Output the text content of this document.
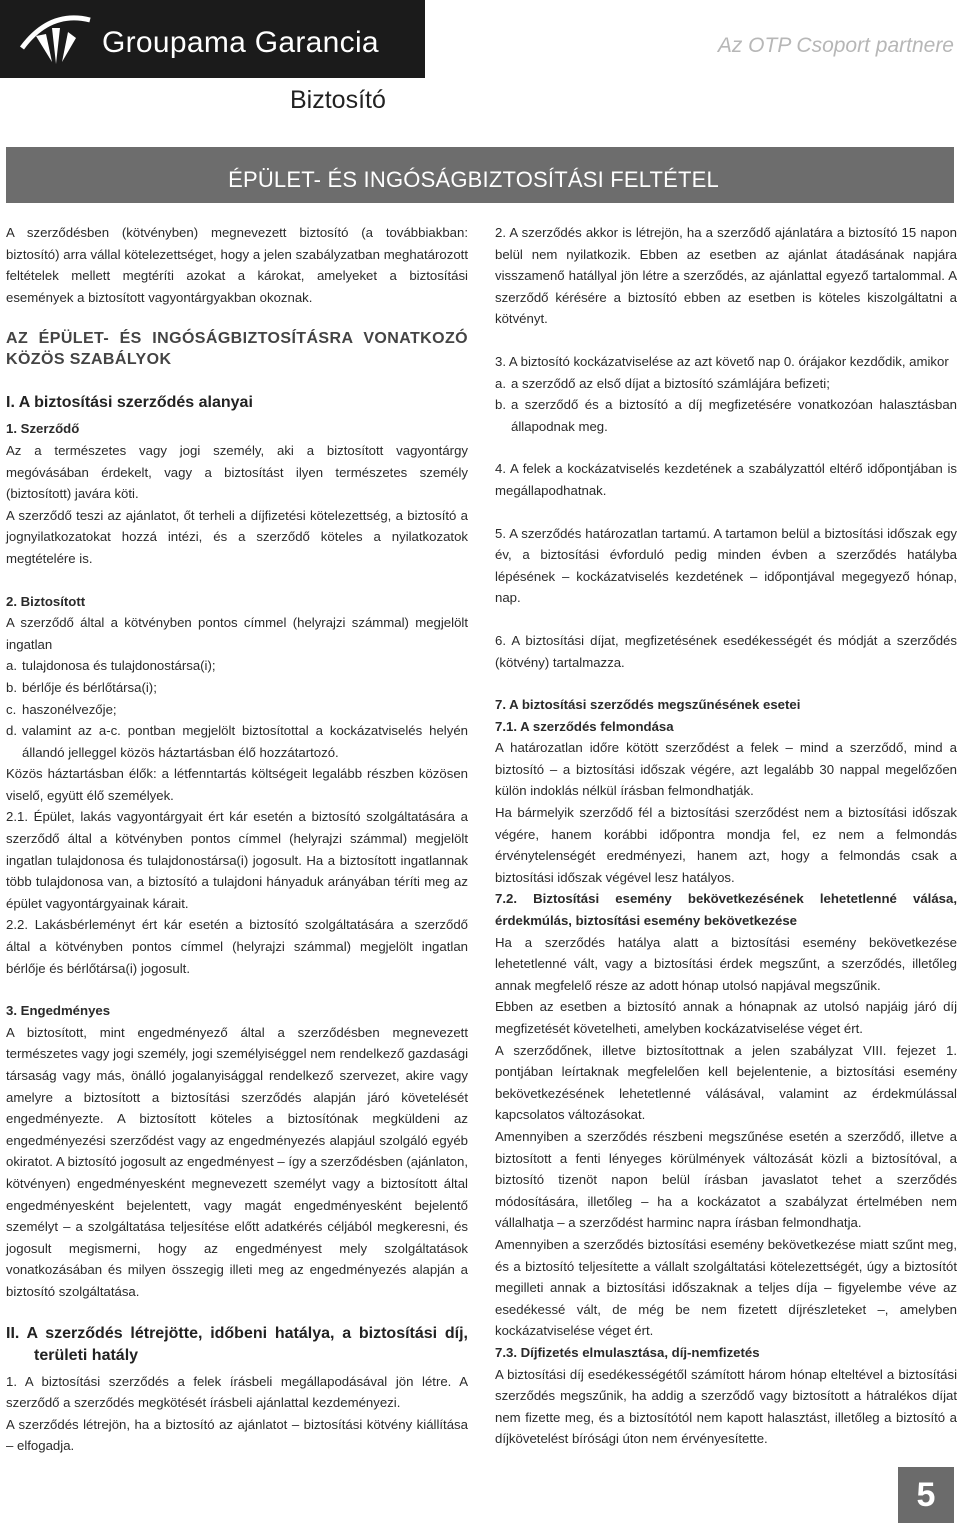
Groupama Garancia	Az OTP Csoport partnere
Biztosító
ÉPÜLET- ÉS INGÓSÁGBIZTOSÍTÁSI FELTÉTEL

A szerződésben (kötvényben) megnevezett biztosító (a továbbiakban: biztosító) arra vállal kötelezettséget, hogy a jelen szabályzatban meghatározott feltételek mellett megtéríti azokat a károkat, amelyeket a biztosítási események a biztosított vagyontárgyakban okoznak.

AZ ÉPÜLET- ÉS INGÓSÁGBIZTOSÍTÁSRA VONATKOZÓ KÖZÖS SZABÁLYOK

I. A biztosítási szerződés alanyai

1. Szerződő

Az a természetes vagy jogi személy, aki a biztosított vagyontárgy megóvásában érdekelt, vagy a biztosítást ilyen természetes személy (biztosított) javára köti.

A szerződő teszi az ajánlatot, őt terheli a díjfizetési kötelezettség, a biztosító a jognyilatkozatokat hozzá intézi, és a szerződő köteles a nyilatkozatok megtételére is.

2. Biztosított

A szerződő által a kötvényben pontos címmel (helyrajzi számmal) megjelölt ingatlan

a. tulajdonosa és tulajdonostársa(i);
b. bérlője és bérlőtársa(i);
c. haszonélvezője;
d. valamint az a-c. pontban megjelölt biztosítottal a kockázatviselés helyén állandó jelleggel közös háztartásban élő hozzátartozó.

Közös háztartásban élők: a létfenntartás költségeit legalább részben közösen viselő, együtt élő személyek.

2.1. Épület, lakás vagyontárgyait ért kár esetén a biztosító szolgáltatására a szerződő által a kötvényben pontos címmel (helyrajzi számmal) megjelölt ingatlan tulajdonosa és tulajdonostársa(i) jogosult. Ha a biztosított ingatlannak több tulajdonosa van, a biztosító a tulajdoni hányaduk arányában téríti meg az épület vagyontárgyainak kárait.

2.2. Lakásbérleményt ért kár esetén a biztosító szolgáltatására a szerződő által a kötvényben pontos címmel (helyrajzi számmal) megjelölt ingatlan bérlője és bérlőtársa(i) jogosult.

3. Engedményes

A biztosított, mint engedményező által a szerződésben megnevezett természetes vagy jogi személy, jogi személyiséggel nem rendelkező gazdasági társaság vagy más, önálló jogalanyisággal rendelkező szervezet, akire vagy amelyre a biztosított a biztosítási szerződés alapján járó követelését engedményezte. A biztosított köteles a biztosítónak megküldeni az engedményezési szerződést vagy az engedményezés alapjául szolgáló egyéb okiratot. A biztosító jogosult az engedményest – így a szerződésben (ajánlaton, kötvényen) engedményesként megnevezett személyt vagy a biztosított által engedményesként bejelentett, vagy magát engedményesként bejelentő személyt – a szolgáltatása teljesítése előtt adatkérés céljából megkeresni, és jogosult megismerni, hogy az engedményest mely szolgáltatások vonatkozásában és milyen összegig illeti meg az engedményezés alapján a biztosító szolgáltatása.

II. A szerződés létrejötte, időbeni hatálya, a biztosítási díj, területi hatály

1. A biztosítási szerződés a felek írásbeli megállapodásával jön létre. A szerződő a szerződés megkötését írásbeli ajánlattal kezdeményezi.

A szerződés létrejön, ha a biztosító az ajánlatot – biztosítási kötvény kiállítása – elfogadja.

2. A szerződés akkor is létrejön, ha a szerződő ajánlatára a biztosító 15 napon belül nem nyilatkozik. Ebben az esetben az ajánlat átadásának napjára visszamenő hatállyal jön létre a szerződés, az ajánlattal egyező tartalommal. A szerződő kérésére a biztosító ebben az esetben is köteles kiszolgáltatni a kötvényt.

3. A biztosító kockázatviselése az azt követő nap 0. órájakor kezdődik, amikor

a. a szerződő az első díjat a biztosító számlájára befizeti;
b. a szerződő és a biztosító a díj megfizetésére vonatkozóan halasztásban állapodnak meg.

4. A felek a kockázatviselés kezdetének a szabályzattól eltérő időpontjában is megállapodhatnak.

5. A szerződés határozatlan tartamú. A tartamon belül a biztosítási időszak egy év, a biztosítási évforduló pedig minden évben a szerződés hatályba lépésének – kockázatviselés kezdetének – időpontjával megegyező hónap, nap.

6. A biztosítási díjat, megfizetésének esedékességét és módját a szerződés (kötvény) tartalmazza.

7. A biztosítási szerződés megszűnésének esetei

7.1. A szerződés felmondása

A határozatlan időre kötött szerződést a felek – mind a szerződő, mind a biztosító – a biztosítási időszak végére, azt legalább 30 nappal megelőzően külön indoklás nélkül írásban felmondhatják.

Ha bármelyik szerződő fél a biztosítási szerződést nem a biztosítási időszak végére, hanem korábbi időpontra mondja fel, ez nem a felmondás érvénytelenségét eredményezi, hanem azt, hogy a felmondás csak a biztosítási időszak végével lesz hatályos.

7.2. Biztosítási esemény bekövetkezésének lehetetlenné válása, érdekmúlás, biztosítási esemény bekövetkezése

Ha a szerződés hatálya alatt a biztosítási esemény bekövetkezése lehetetlenné vált, vagy a biztosítási érdek megszűnt, a szerződés, illetőleg annak megfelelő része az adott hónap utolsó napjával megszűnik.

Ebben az esetben a biztosító annak a hónapnak az utolsó napjáig járó díj megfizetését követelheti, amelyben kockázatviselése véget ért.

A szerződőnek, illetve biztosítottnak a jelen szabályzat VIII. fejezet 1. pontjában leírtaknak megfelelően kell bejelentenie, a biztosítási esemény bekövetkezésének lehetetlenné válásával, valamint az érdekmúlással kapcsolatos változásokat.

Amennyiben a szerződés részbeni megszűnése esetén a szerződő, illetve a biztosított a fenti lényeges körülmények változását közli a biztosítóval, a biztosító tizenöt napon belül írásban javaslatot tehet a szerződés módosítására, illetőleg – ha a kockázatot a szabályzat értelmében nem vállalhatja – a szerződést harminc napra írásban felmondhatja.

Amennyiben a szerződés biztosítási esemény bekövetkezése miatt szűnt meg, és a biztosító teljesítette a vállalt szolgáltatási kötelezettségét, úgy a biztosítót megilleti annak a biztosítási időszaknak a teljes díja – figyelembe véve az esedékessé vált, de még be nem fizetett díjrészleteket –, amelyben kockázatviselése véget ért.

7.3. Díjfizetés elmulasztása, díj-nemfizetés

A biztosítási díj esedékességétől számított három hónap elteltével a biztosítási szerződés megszűnik, ha addig a szerződő vagy biztosított a hátralékos díjat nem fizette meg, és a biztosítótól nem kapott halasztást, illetőleg a biztosító a díjkövetelést bírósági úton nem érvényesítette.

5
